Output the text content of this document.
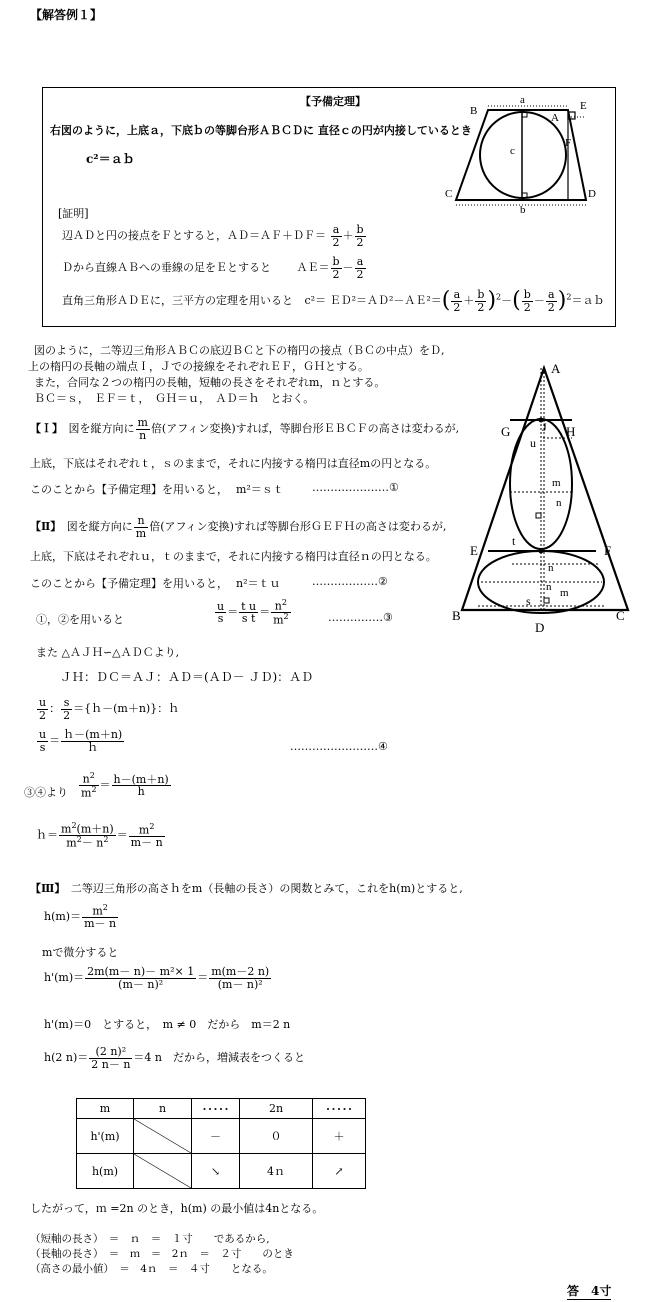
【解答例１】
【予備定理】
右図のように，上底ａ，下底ｂの等脚台形ＡＢＣＤに 直径ｃの円が内接しているとき
c²＝ａｂ
[証明]
辺ＡＤと円の接点をＦとすると，ＡＤ＝ＡＦ＋ＤＦ＝ $\frac{a}{2} + \frac{b}{2}$
Ｄから直線ＡＢへの垂線の足をＥとすると ＡＥ＝ $\frac{b}{2} - \frac{a}{2}$
直角三角形ＡＤＥに，三平方の定理を用いると c²＝ ＥＤ²＝ＡＤ²－ＡＥ²＝( $\frac{a}{2} + \frac{b}{2} )^2-( \frac{b}{2} - \frac{a}{2}$ )$^2=ab$
B
a
A
E
F
c
C	D
b
図のように，二等辺三角形ＡＢＣの底辺ＢＣと下の楕円の接点（ＢＣの中点）をＤ,
上の楕円の長軸の端点Ｉ，Ｊでの接線をそれぞれＥＦ，ＧＨとする。
また，合同な２つの楕円の長軸，短軸の長さをそれぞれm，ｎとする。
ＢＣ＝ｓ，　ＥＦ＝ｔ，　ＧＨ＝ｕ，　ＡＤ＝ｈ　とおく。
【Ｉ】　 図を縦方向に $\frac{m}{n}$ 倍(アフィン変換)すれば，等脚台形ＥＢＣＦの高さは変わるが,
上底，下底はそれぞれｔ，ｓのままで，それに内接する楕円は直径mの円となる。
このことから【予備定理】を用いると， m²＝ｓｔ	…………………①
【Ⅱ】　 図を縦方向に $\frac{n}{m}$ 倍(アフィン変換)すれば等脚台形ＧＥＦＨの高さは変わるが,
上底，下底はそれぞれｕ，ｔのままで，それに内接する楕円は直径ｎの円となる。
このことから【予備定理】を用いると， n²＝ｔｕ	………………②
①，②を用いると	$\frac{u}{s} = \frac{\text{t u}}{\text{s t}} = \frac{n^2}{m^2}$	……………③
また △ＡＪＨ∽△ＡＤＣより,
ＪＨ：ＤＣ＝ＡＪ：ＡＤ＝(ＡＤ－ ＪＤ)：ＡＤ
$\frac{u}{2}$ ： $\frac{s}{2}$ ＝{ｈ－(m＋n)}：ｈ
$\frac{u}{s} = \frac{\text{ｈ－(m＋n)}}{\text{ｈ}}$	……………………④
③④より $\frac{n^2}{m^2} = \frac{h-(m+n)}{h}$
ｈ＝ $\frac{m^2(m+n)}{m^2- n^2} = \frac{m^2}{m- n}$
【Ⅲ】　 二等辺三角形の高さｈをm（長軸の長さ）の関数とみて，これをh(m)とすると,
$h(m)= \frac{m^2}{m- n}$
mで微分すると
$h'(m)= \frac{\text{2m(m－ n)－ m²× 1}}{\text{(m－ n)²}} = \frac{m(m-2 n)}{\text{(m－ n)²}}$
h'(m)＝0　とすると，　m ≠ 0　だから　m＝2 n
h(2 $n)= \frac{\text{(2 n)²}}{2 n- n} =4$ n　だから，増減表をつくると
m	n	･････	2n	･････
h'(m)		－	０	＋
h(m)		↘	4ｎ	↗
したがって，ｍ =2n のとき，h(m) の最小値は4nとなる。
（短軸の長さ）　＝　ｎ　＝　１寸　　であるから,
（長軸の長さ）　＝　ｍ　＝　2ｎ　＝　２寸　　のとき
（高さの最小値）　＝　4ｎ　＝　４寸　　となる。
答　4寸
A
G	H
J
u
E	F
t
B	C
D
s
m
n
n
m
n
